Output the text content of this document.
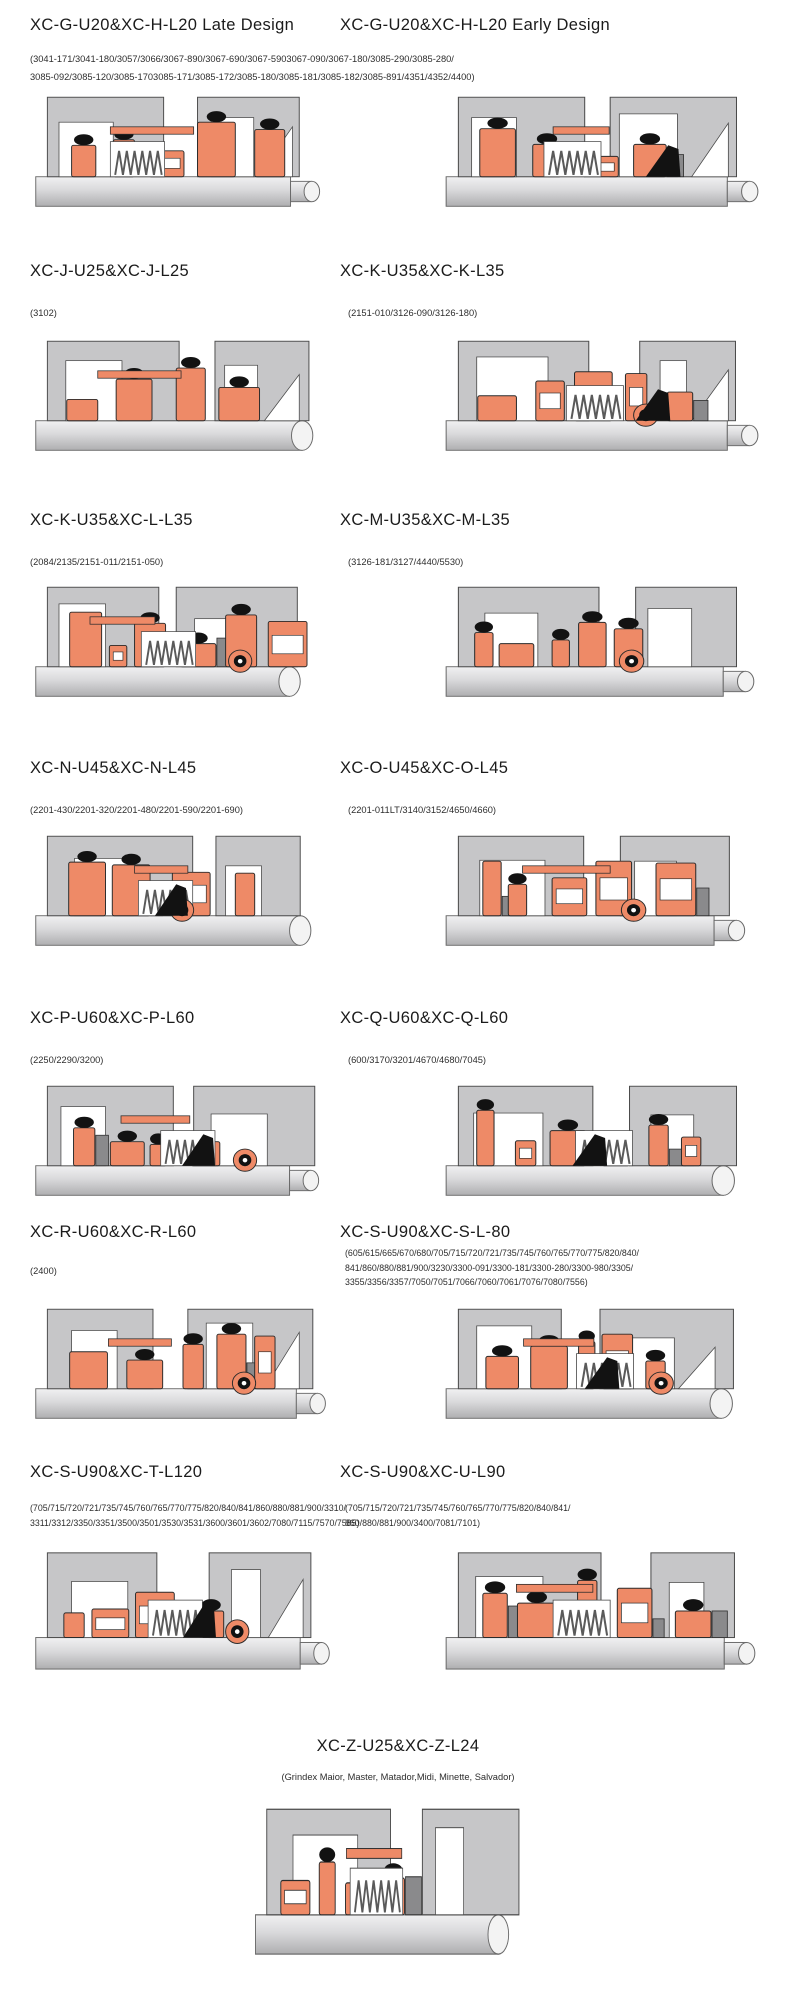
XC-G-U20&XC-H-L20 Late Design	XC-G-U20&XC-H-L20 Early Design
(3041-171/3041-180/3057/3066/3067-890/3067-690/3067-5903067-090/3067-180/3085-290/3085-280/
3085-092/3085-120/3085-1703085-171/3085-172/3085-180/3085-181/3085-182/3085-891/4351/4352/4400)
XC-J-U25&XC-J-L25	XC-K-U35&XC-K-L35
(3102)	(2151-010/3126-090/3126-180)
XC-K-U35&XC-L-L35	XC-M-U35&XC-M-L35
(2084/2135/2151-011/2151-050)	(3126-181/3127/4440/5530)
XC-N-U45&XC-N-L45	XC-O-U45&XC-O-L45
(2201-430/2201-320/2201-480/2201-590/2201-690)	(2201-011LT/3140/3152/4650/4660)
XC-P-U60&XC-P-L60	XC-Q-U60&XC-Q-L60
(2250/2290/3200)	(600/3170/3201/4670/4680/7045)
XC-R-U60&XC-R-L60	XC-S-U90&XC-S-L-80
(2400)
(605/615/665/670/680/705/715/720/721/735/745/760/765/770/775/820/840/
841/860/880/881/900/3230/3300-091/3300-181/3300-280/3300-980/3305/
3355/3356/3357/7050/7051/7066/7060/7061/7076/7080/7556)
XC-S-U90&XC-T-L120	XC-S-U90&XC-U-L90
(705/715/720/721/735/745/760/765/770/775/820/840/841/860/880/881/900/3310/
3311/3312/3350/3351/3500/3501/3530/3531/3600/3601/3602/7080/7115/7570/7585)
(705/715/720/721/735/745/760/765/770/775/820/840/841/
860/880/881/900/3400/7081/7101)
XC-Z-U25&XC-Z-L24
(Grindex Maior, Master, Matador,Midi, Minette, Salvador)
